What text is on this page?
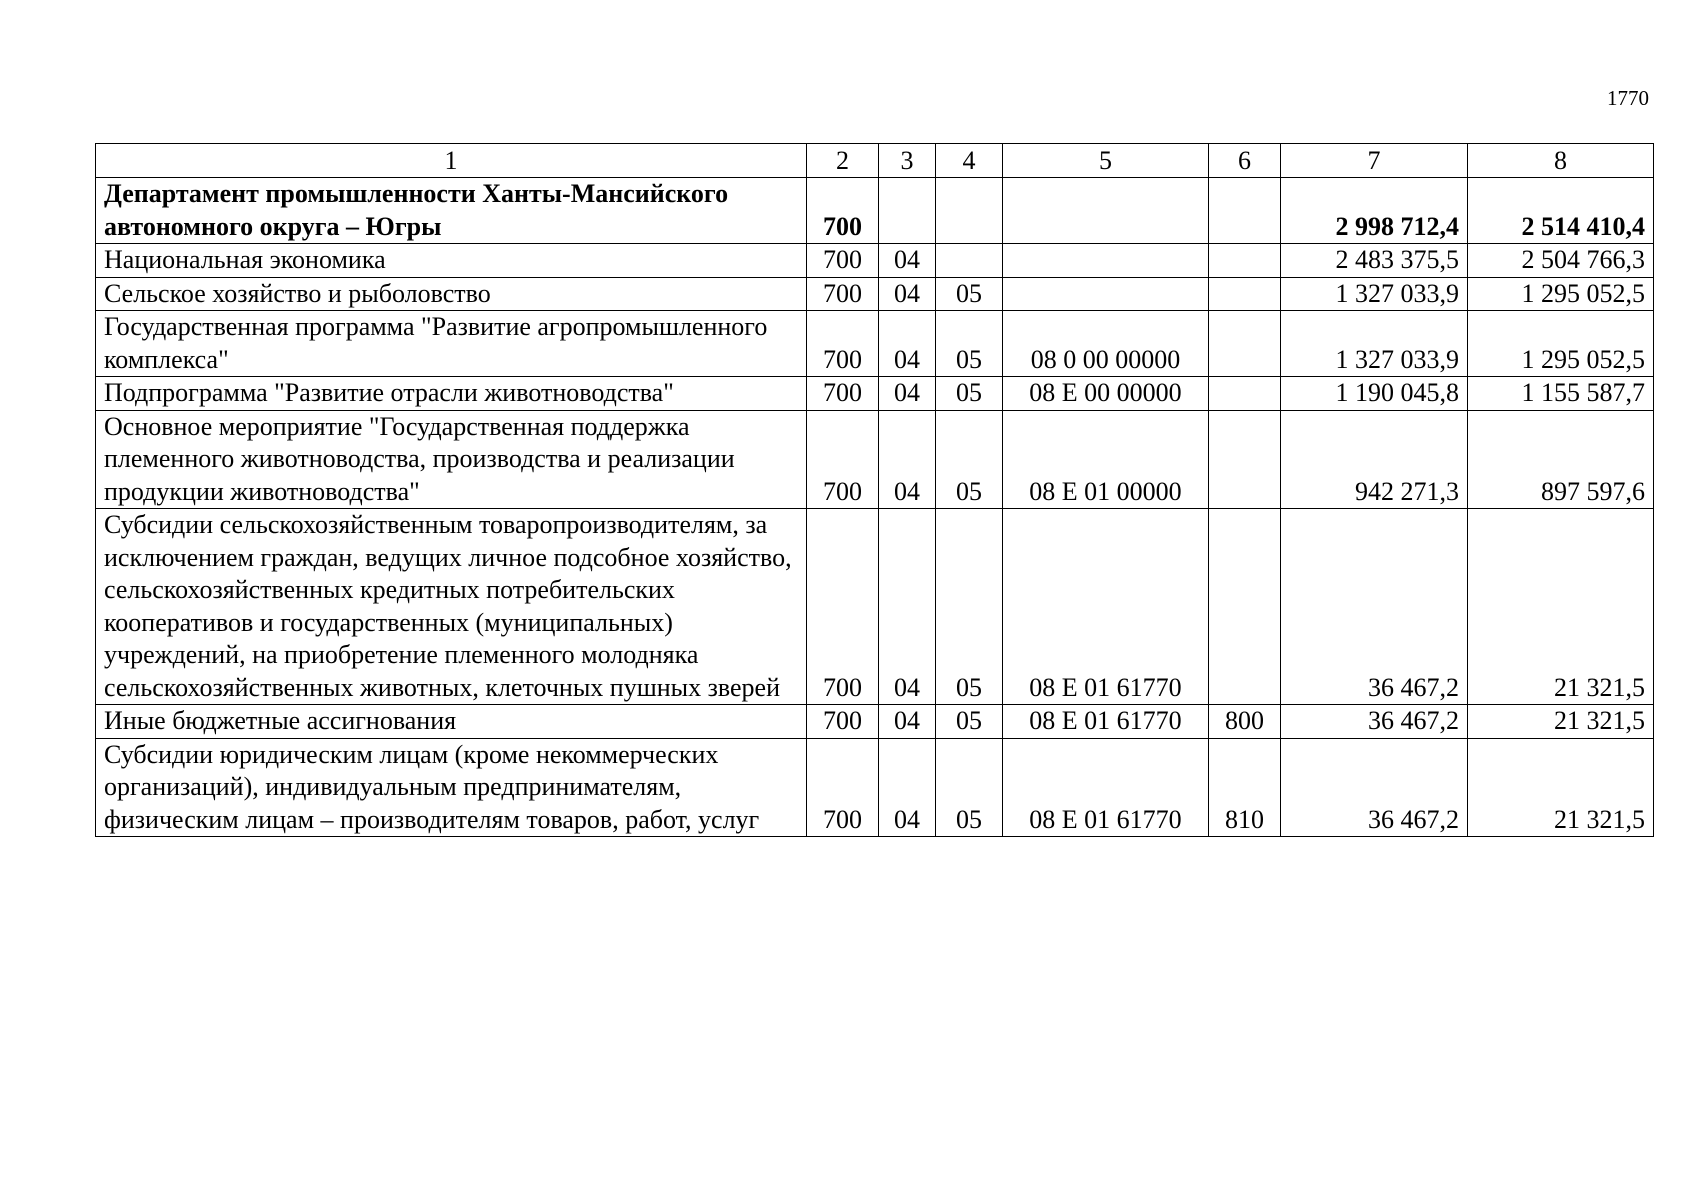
1770
1	2	3	4	5	6	7	8
Департамент промышленности Ханты-Мансийского автономного округа – Югры	700					2 998 712,4	2 514 410,4
Национальная экономика	700	04				2 483 375,5	2 504 766,3
Сельское хозяйство и рыболовство	700	04	05			1 327 033,9	1 295 052,5
Государственная программа "Развитие агропромышленного комплекса"	700	04	05	08 0 00 00000		1 327 033,9	1 295 052,5
Подпрограмма "Развитие отрасли животноводства"	700	04	05	08 Е 00 00000		1 190 045,8	1 155 587,7
Основное мероприятие "Государственная поддержка племенного животноводства, производства и реализации продукции животноводства"	700	04	05	08 Е 01 00000		942 271,3	897 597,6
Субсидии сельскохозяйственным товаропроизводителям, за исключением граждан, ведущих личное подсобное хозяйство, сельскохозяйственных кредитных потребительских кооперативов и государственных (муниципальных) учреждений, на приобретение племенного молодняка сельскохозяйственных животных, клеточных пушных зверей	700	04	05	08 Е 01 61770		36 467,2	21 321,5
Иные бюджетные ассигнования	700	04	05	08 Е 01 61770	800	36 467,2	21 321,5
Субсидии юридическим лицам (кроме некоммерческих организаций), индивидуальным предпринимателям, физическим лицам – производителям товаров, работ, услуг	700	04	05	08 Е 01 61770	810	36 467,2	21 321,5
